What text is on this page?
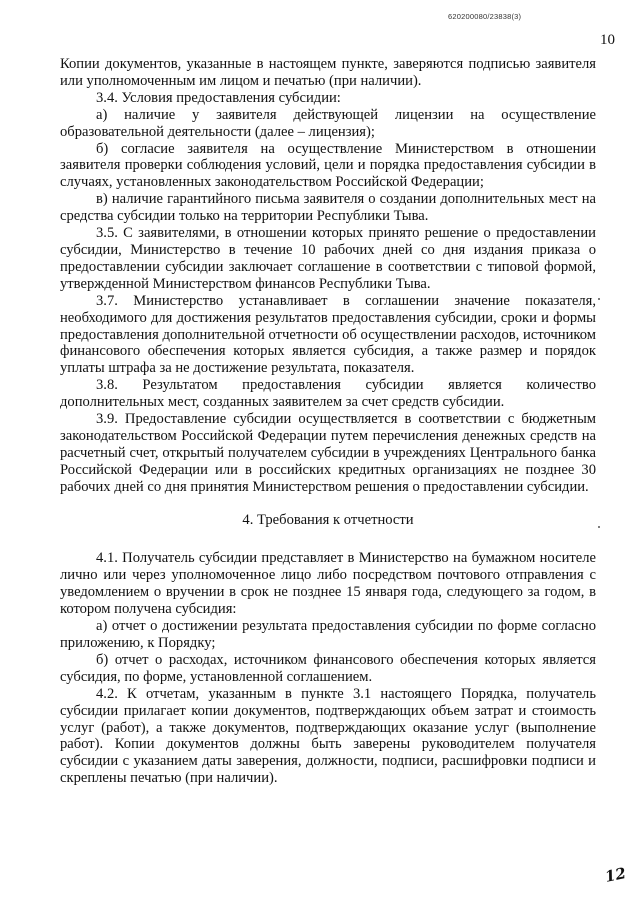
620200080/23838(3)
10

Копии документов, указанные в настоящем пункте, заверяются подписью заявителя или уполномоченным им лицом и печатью (при наличии).

3.4. Условия предоставления субсидии:

а) наличие у заявителя действующей лицензии на осуществление образовательной деятельности (далее – лицензия);

б) согласие заявителя на осуществление Министерством в отношении заявителя проверки соблюдения условий, цели и порядка предоставления субсидии в случаях, установленных законодательством Российской Федерации;

в) наличие гарантийного письма заявителя о создании дополнительных мест на средства субсидии только на территории Республики Тыва.

3.5. С заявителями, в отношении которых принято решение о предоставлении субсидии, Министерство в течение 10 рабочих дней со дня издания приказа о предоставлении субсидии заключает соглашение в соответствии с типовой формой, утвержденной Министерством финансов Республики Тыва.

3.7. Министерство устанавливает в соглашении значение показателя, необходимого для достижения результатов предоставления субсидии, сроки и формы предоставления дополнительной отчетности об осуществлении расходов, источником финансового обеспечения которых является субсидия, а также размер и порядок уплаты штрафа за не достижение результата, показателя.

3.8. Результатом предоставления субсидии является количество дополнительных мест, созданных заявителем за счет средств субсидии.

3.9. Предоставление субсидии осуществляется в соответствии с бюджетным законодательством Российской Федерации путем перечисления денежных средств на расчетный счет, открытый получателем субсидии в учреждениях Центрального банка Российской Федерации или в российских кредитных организациях не позднее 30 рабочих дней со дня принятия Министерством решения о предоставлении субсидии.

4. Требования к отчетности

4.1. Получатель субсидии представляет в Министерство на бумажном носителе лично или через уполномоченное лицо либо посредством почтового отправления с уведомлением о вручении в срок не позднее 15 января года, следующего за годом, в котором получена субсидия:

а) отчет о достижении результата предоставления субсидии по форме согласно приложению, к Порядку;

б) отчет о расходах, источником финансового обеспечения которых является субсидия, по форме, установленной соглашением.

4.2. К отчетам, указанным в пункте 3.1 настоящего Порядка, получатель субсидии прилагает копии документов, подтверждающих объем затрат и стоимость услуг (работ), а также документов, подтверждающих оказание услуг (выполнение работ). Копии документов должны быть заверены руководителем получателя субсидии с указанием даты заверения, должности, подписи, расшифровки подписи и скреплены печатью (при наличии).

12
